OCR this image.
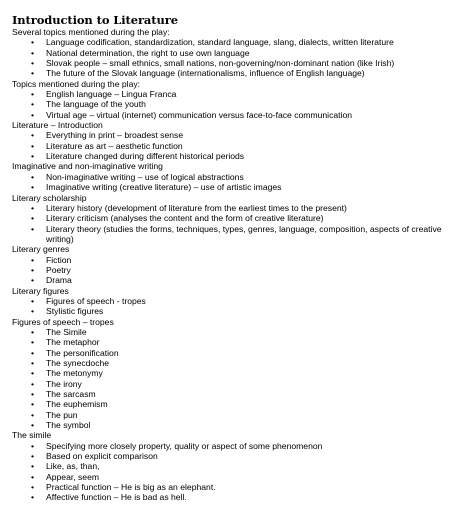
Introduction to Literature

Several topics mentioned during the play:

• Language codification, standardization, standard language, slang, dialects, written literature
• National determination, the right to use own language
• Slovak people – small ethnics, small nations, non-governing/non-dominant nation (like Irish)
• The future of the Slovak language (internationalisms, influence of English language)

Topics mentioned during the play:

• English language – Lingua Franca
• The language of the youth
• Virtual age – virtual (internet) communication versus face-to-face communication

Literature – Introduction

• Everything in print – broadest sense
• Literature as art – aesthetic function
• Literature changed during different historical periods

Imaginative and non-imaginative writing

• Non-imaginative writing – use of logical abstractions
• Imaginative writing (creative literature) – use of artistic images

Literary scholarship

• Literary history (development of literature from the earliest times to the present)
• Literary criticism (analyses the content and the form of creative literature)
• Literary theory (studies the forms, techniques, types, genres, language, composition, aspects of creative writing)

Literary genres

• Fiction
• Poetry
• Drama

Literary figures

• Figures of speech - tropes
• Stylistic figures

Figures of speech – tropes

• The Simile
• The metaphor
• The personification
• The synecdoche
• The metonymy
• The irony
• The sarcasm
• The euphemism
• The pun
• The symbol

The simile

• Specifying more closely property, quality or aspect of some phenomenon
• Based on explicit comparison
• Like, as, than,
• Appear, seem
• Practical function – He is big as an elephant.
• Affective function – He is bad as hell.
